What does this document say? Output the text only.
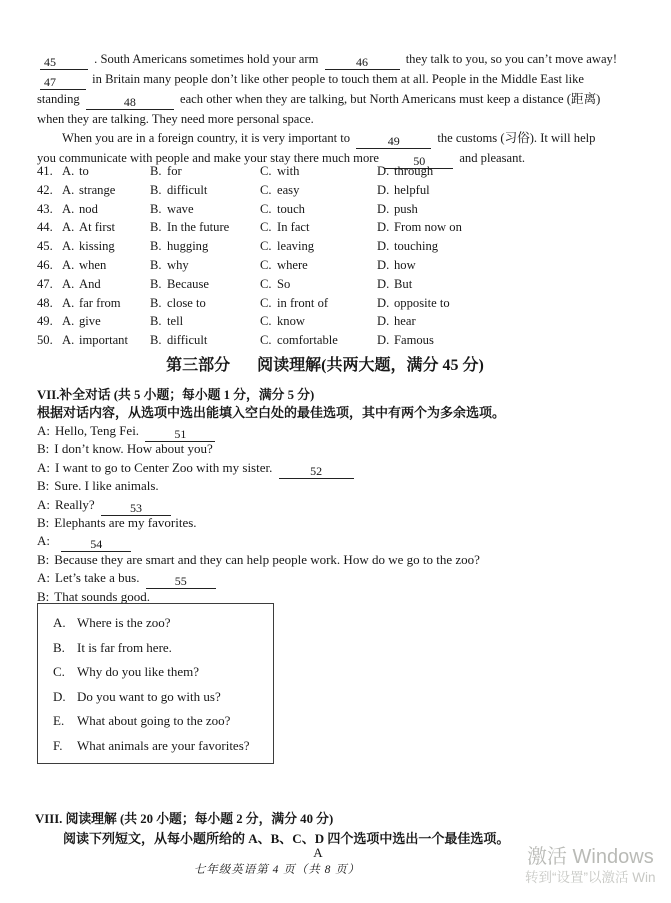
45	. South Americans sometimes hold your arm	46	they talk to you, so you can’t move away!
47	in Britain many people don’t like other people to touch them at all. People in the Middle East like
standing	48	each other when they are talking, but North Americans must keep a distance (距离)
when they are talking. They need more personal space.
When you are in a foreign country, it is very important to	49	the customs (习俗). It will help
you communicate with people and make your stay there much more	50	and pleasant.
41. A. to	B. for	C. with	D. through
42. A. strange	B. difficult	C. easy	D. helpful
43. A. nod	B. wave	C. touch	D. push
44. A. At first	B. In the future C. In fact	D. From now on
45. A. kissing	B. hugging	C. leaving	D. touching
46. A. when	B. why	C. where	D. how
47. A. And	B. Because	C. So	D. But
48. A. far from B. close to	C. in front of	D. opposite to
49. A. give	B. tell	C. know	D. hear
50. A. important B. difficult	C. comfortable	D. Famous
第三部分 阅读理解(共两大题，满分 45 分)
VII.补全对话 (共 5 小题；每小题 1 分，满分 5 分)
根据对话内容，从选项中选出能填入空白处的最佳选项，其中有两个为多余选项。
A: Hello, Teng Fei.	51
B: I don’t know. How about you?
A: I want to go to Center Zoo with my sister.	52
B: Sure. I like animals.
A: Really?	53
B: Elephants are my favorites.
A:	54
B: Because they are smart and they can help people work. How do we go to the zoo?
A: Let’s take a bus.	55
B: That sounds good.
A. Where is the zoo?
B. It is far from here.
C. Why do you like them?
D. Do you want to go with us?
E. What about going to the zoo?
F.	What animals are your favorites?
VIII. 阅读理解 (共 20 小题；每小题 2 分，满分 40 分)
阅读下列短文，从每小题所给的 A、B、C、D 四个选项中选出一个最佳选项。
A
七年级英语第 4 页（共 8 页）
激活 Windows
转到“设置”以激活 Win
